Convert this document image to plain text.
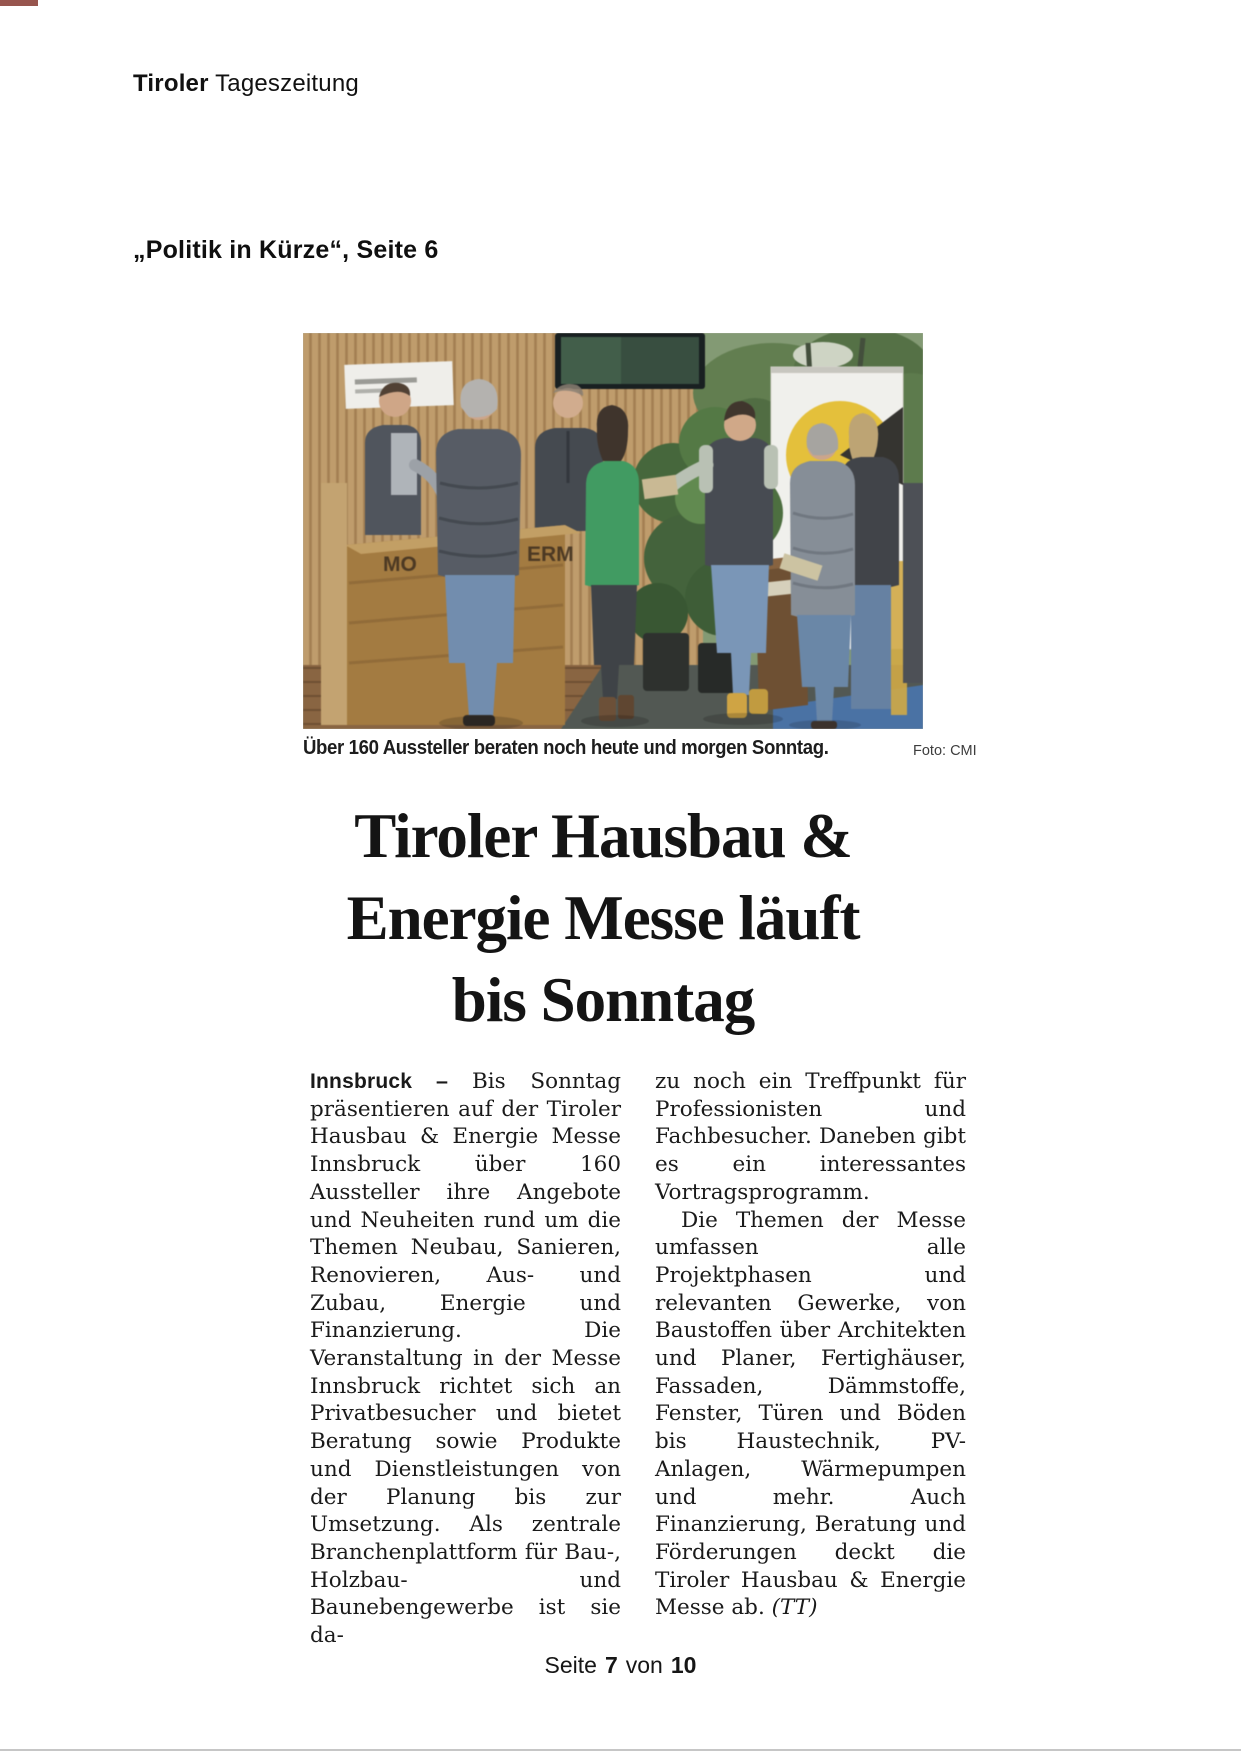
Tiroler Tageszeitung
„Politik in Kürze“, Seite 6
MO	ERM
Über 160 Aussteller beraten noch heute und morgen Sonntag.	Foto: CMI
Tiroler Hausbau &
Energie Messe läuft
bis Sonntag

Innsbruck – Bis Sonntag präsentieren auf der Tiroler Hausbau & Energie Messe Innsbruck über 160 Aussteller ihre Angebote und Neuheiten rund um die Themen Neubau, Sanieren, Renovieren, Aus- und Zubau, Energie und Finanzierung. Die Veranstaltung in der Messe Innsbruck richtet sich an Privatbesucher und bietet Beratung sowie Produkte und Dienstleistungen von der Planung bis zur Umsetzung. Als zentrale Branchenplattform für Bau-, Holzbau- und Baunebengewerbe ist sie da-

zu noch ein Treffpunkt für Professionisten und Fachbesucher. Daneben gibt es ein interessantes Vortragsprogramm.

Die Themen der Messe umfassen alle Projektphasen und relevanten Gewerke, von Baustoffen über Architekten und Planer, Fertighäuser, Fassaden, Dämmstoffe, Fenster, Türen und Böden bis Haustechnik, PV-Anlagen, Wärmepumpen und mehr. Auch Finanzierung, Beratung und Förderungen deckt die Tiroler Hausbau & Energie Messe ab. (TT)

Seite 7 von 10
